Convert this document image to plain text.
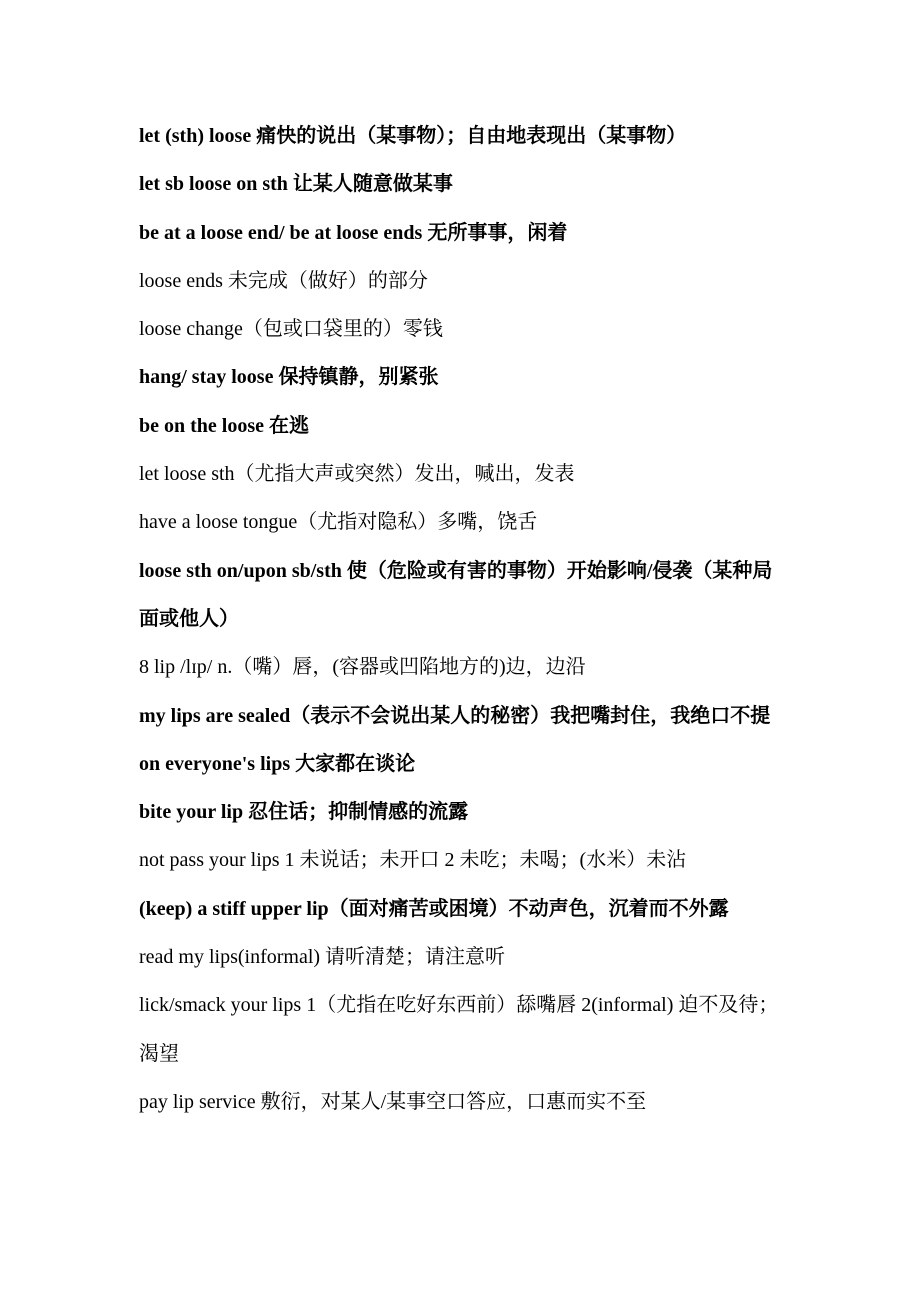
let (sth) loose 痛快的说出（某事物）；自由地表现出（某事物）
let sb loose on sth 让某人随意做某事
be at a loose end/ be at loose ends 无所事事，闲着
loose ends 未完成（做好）的部分
loose change（包或口袋里的）零钱
hang/ stay loose 保持镇静，别紧张
be on the loose 在逃
let loose sth（尤指大声或突然）发出，喊出，发表
have a loose tongue（尤指对隐私）多嘴，饶舌
loose sth on/upon sb/sth 使（危险或有害的事物）开始影响/侵袭（某种局面或他人）
8 lip /lɪp/ n.（嘴）唇，(容器或凹陷地方的)边，边沿
my lips are sealed（表示不会说出某人的秘密）我把嘴封住，我绝口不提
on everyone's lips 大家都在谈论
bite your lip 忍住话；抑制情感的流露
not pass your lips 1 未说话；未开口 2 未吃；未喝；(水米）未沾
(keep) a stiff upper lip（面对痛苦或困境）不动声色，沉着而不外露
read my lips(informal) 请听清楚；请注意听
lick/smack your lips 1（尤指在吃好东西前）舔嘴唇 2(informal) 迫不及待；渴望
pay lip service 敷衍，对某人/某事空口答应，口惠而实不至
